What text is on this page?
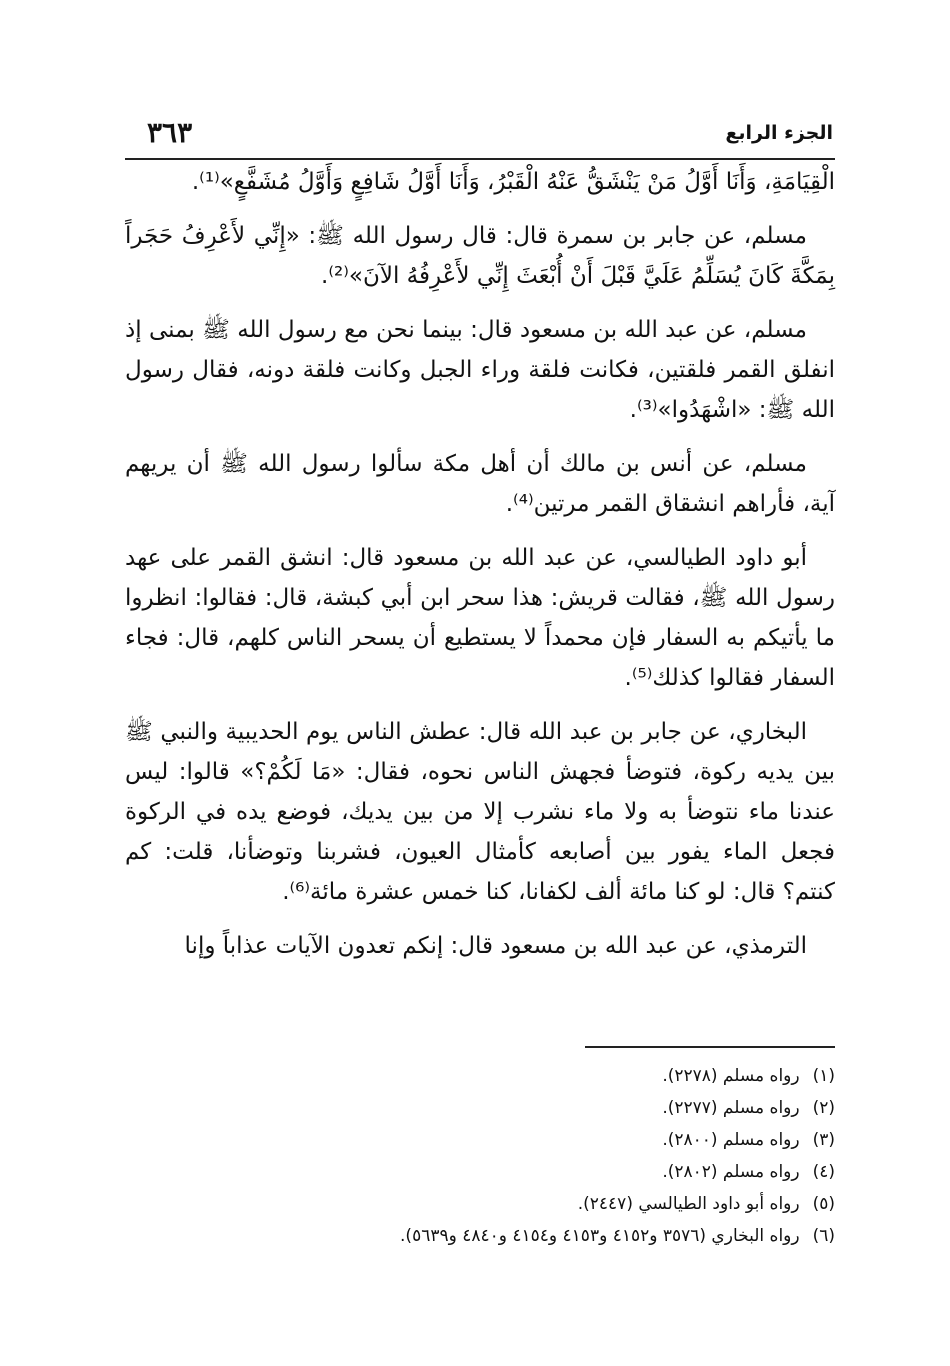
الجزء الرابع
٣٦٣

الْقِيَامَةِ، وَأَنَا أَوَّلُ مَنْ يَنْشَقُّ عَنْهُ الْقَبْرُ، وَأَنَا أَوَّلُ شَافِعٍ وَأَوَّلُ مُشَفَّعٍ»⁽¹⁾.

مسلم، عن جابر بن سمرة قال: قال رسول الله ﷺ: «إِنِّي لأَعْرِفُ حَجَراً بِمَكَّةَ كَانَ يُسَلِّمُ عَلَيَّ قَبْلَ أَنْ أُبْعَثَ إِنِّي لأَعْرِفُهُ الآنَ»⁽²⁾.

مسلم، عن عبد الله بن مسعود قال: بينما نحن مع رسول الله ﷺ بمنى إذ انفلق القمر فلقتين، فكانت فلقة وراء الجبل وكانت فلقة دونه، فقال رسول الله ﷺ: «اشْهَدُوا»⁽³⁾.

مسلم، عن أنس بن مالك أن أهل مكة سألوا رسول الله ﷺ أن يريهم آية، فأراهم انشقاق القمر مرتين⁽⁴⁾.

أبو داود الطيالسي، عن عبد الله بن مسعود قال: انشق القمر على عهد رسول الله ﷺ، فقالت قريش: هذا سحر ابن أبي كبشة، قال: فقالوا: انظروا ما يأتيكم به السفار فإن محمداً لا يستطيع أن يسحر الناس كلهم، قال: فجاء السفار فقالوا كذلك⁽⁵⁾.

البخاري، عن جابر بن عبد الله قال: عطش الناس يوم الحديبية والنبي ﷺ بين يديه ركوة، فتوضأ فجهش الناس نحوه، فقال: «مَا لَكُمْ؟» قالوا: ليس عندنا ماء نتوضأ به ولا ماء نشرب إلا من بين يديك، فوضع يده في الركوة فجعل الماء يفور بين أصابعه كأمثال العيون، فشربنا وتوضأنا، قلت: كم كنتم؟ قال: لو كنا مائة ألف لكفانا، كنا خمس عشرة مائة⁽⁶⁾.

الترمذي، عن عبد الله بن مسعود قال: إنكم تعدون الآيات عذاباً وإنا

(١) رواه مسلم (٢٢٧٨).
(٢) رواه مسلم (٢٢٧٧).
(٣) رواه مسلم (٢٨٠٠).
(٤) رواه مسلم (٢٨٠٢).
(٥) رواه أبو داود الطيالسي (٢٤٤٧).
(٦) رواه البخاري (٣٥٧٦ و٤١٥٢ و٤١٥٣ و٤١٥٤ و٤٨٤٠ و٥٦٣٩).
